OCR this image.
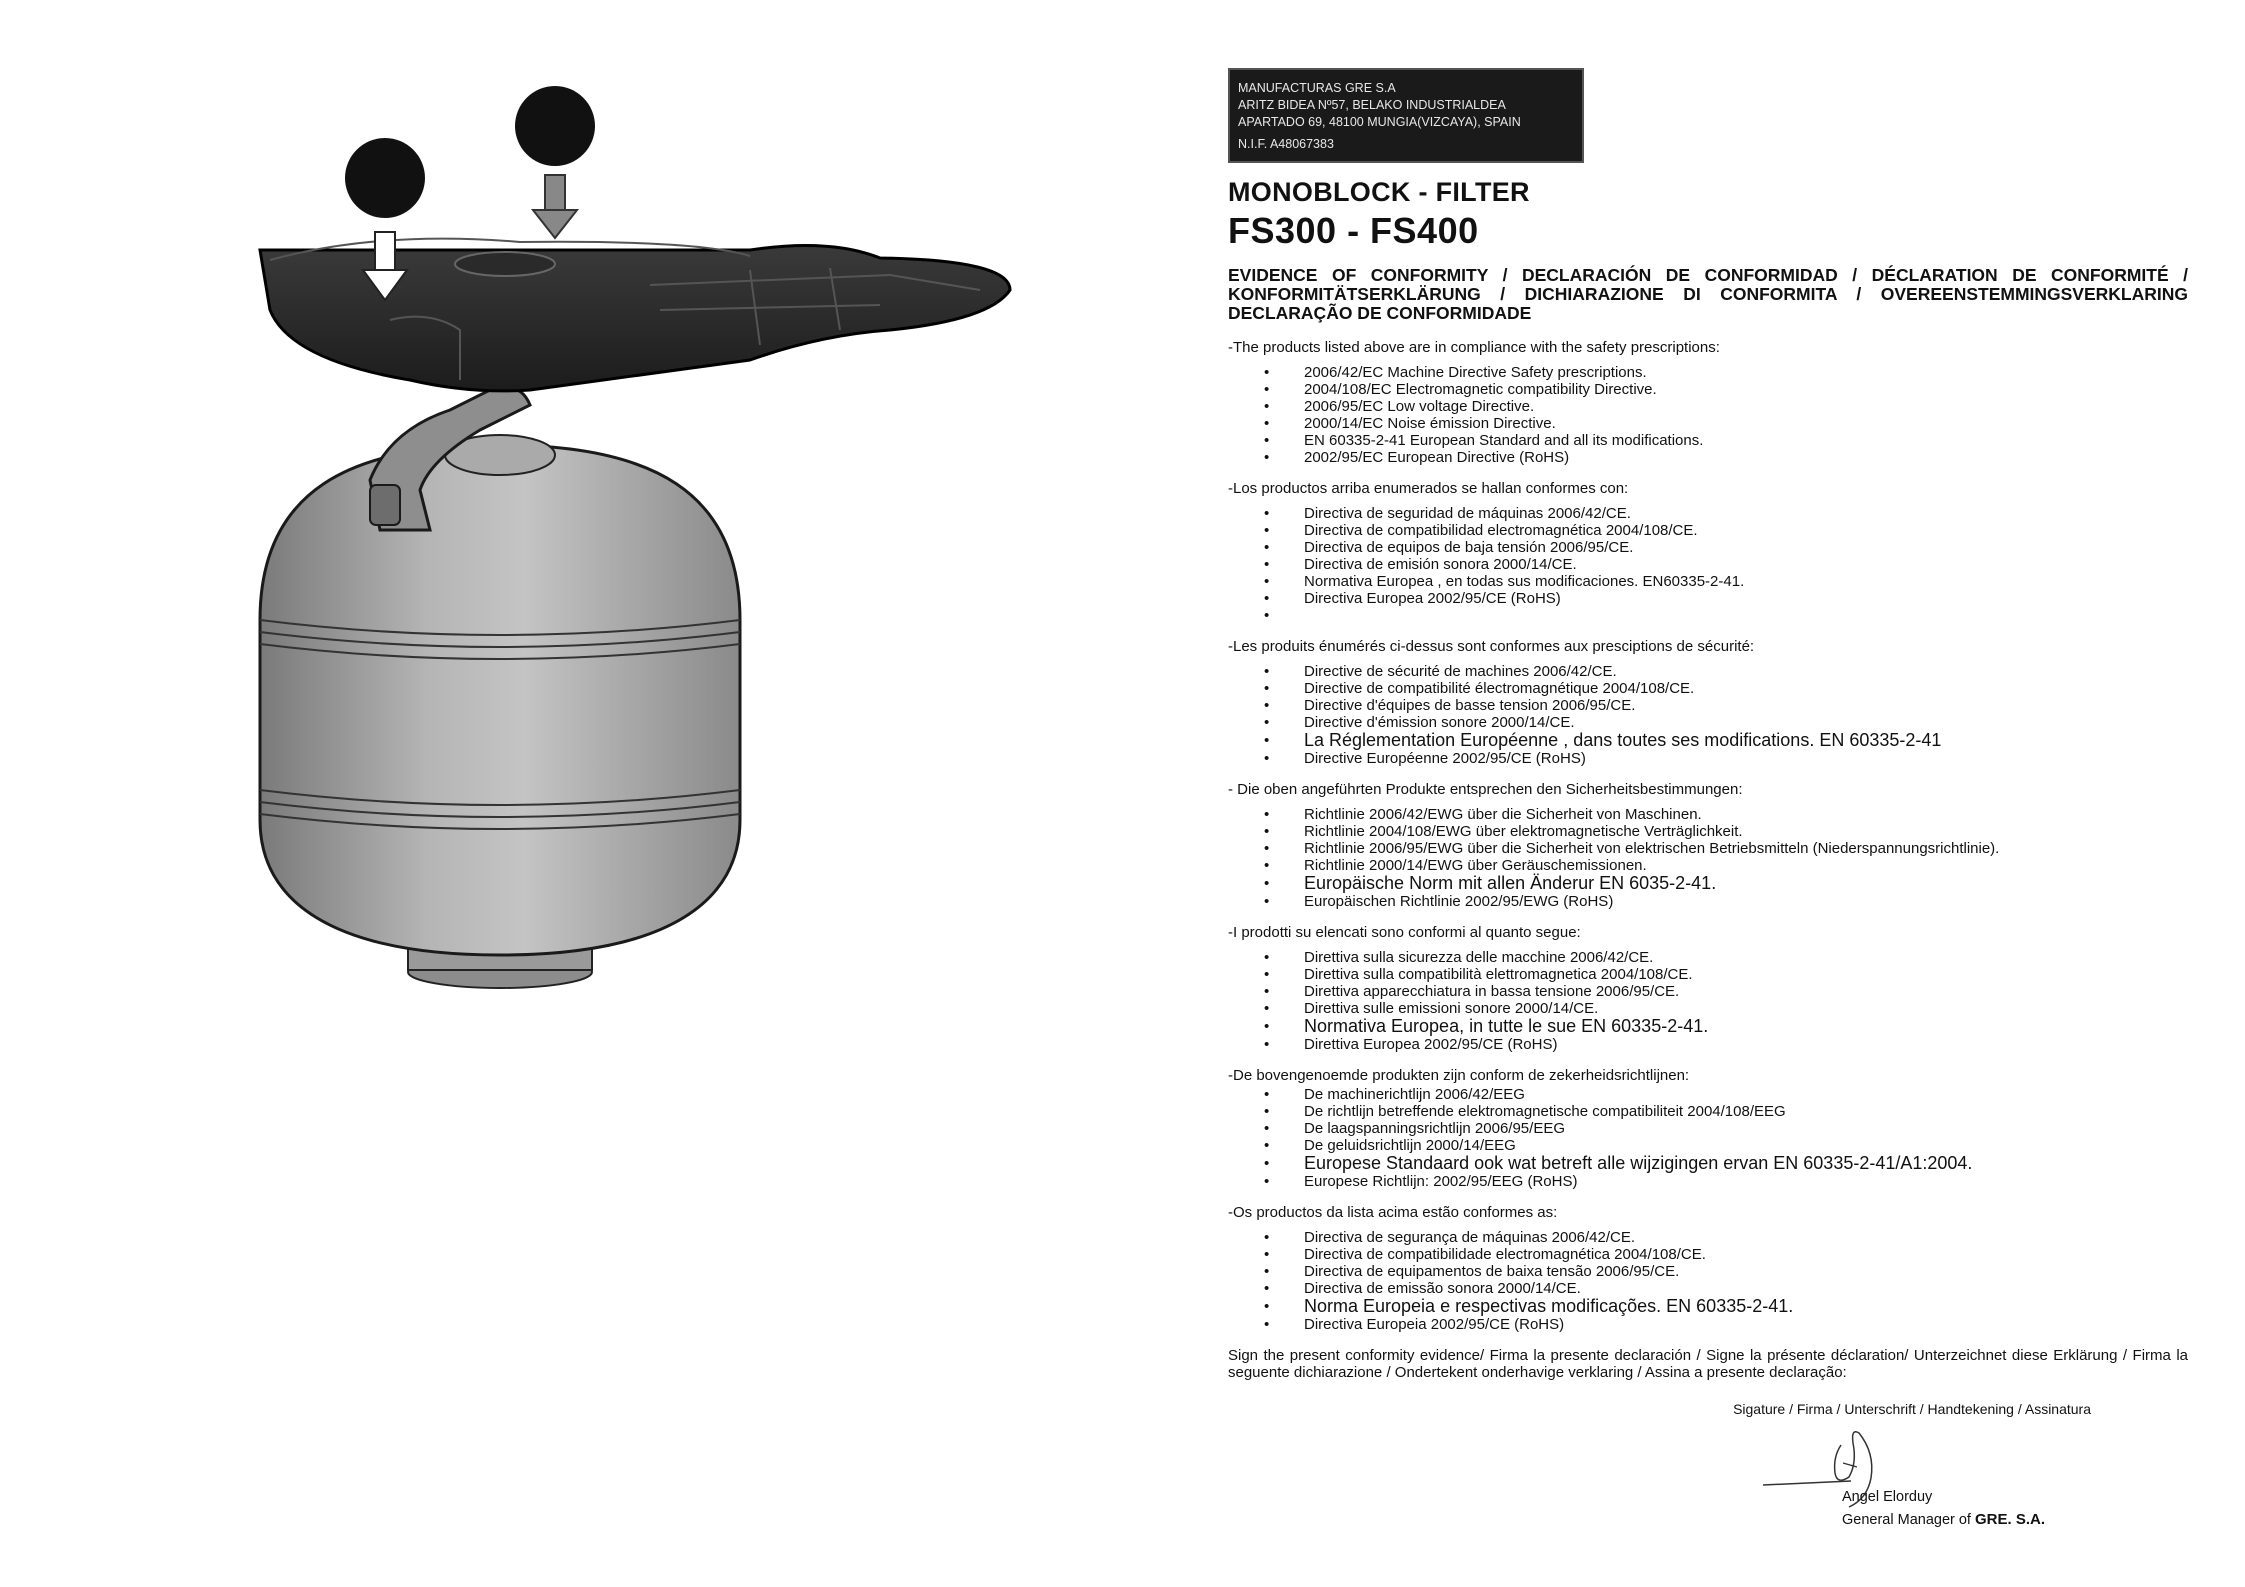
MANUFACTURAS GRE S.A
ARITZ BIDEA Nº57, BELAKO INDUSTRIALDEA
APARTADO 69, 48100 MUNGIA(VIZCAYA), SPAIN
N.I.F. A48067383
MONOBLOCK - FILTER
FS300 - FS400
EVIDENCE OF CONFORMITY / DECLARACIÓN DE CONFORMIDAD / DÉCLARATION DE CONFORMITÉ / KONFORMITÄTSERKLÄRUNG / DICHIARAZIONE DI CONFORMITA / OVEREENSTEMMINGSVERKLARING DECLARAÇÃO DE CONFORMIDADE
-The products listed above are in compliance with the safety prescriptions:
• 2006/42/EC Machine Directive Safety prescriptions.
• 2004/108/EC Electromagnetic compatibility Directive.
• 2006/95/EC Low voltage Directive.
• 2000/14/EC Noise émission Directive.
• EN 60335-2-41 European Standard and all its modifications.
• 2002/95/EC European Directive (RoHS)
-Los productos arriba enumerados se hallan conformes con:
• Directiva de seguridad de máquinas 2006/42/CE.
• Directiva de compatibilidad electromagnética 2004/108/CE.
• Directiva de equipos de baja tensión 2006/95/CE.
• Directiva de emisión sonora 2000/14/CE.
• Normativa Europea , en todas sus modificaciones. EN60335-2-41.
• Directiva Europea 2002/95/CE (RoHS)
•
-Les produits énumérés ci-dessus sont conformes aux presciptions de sécurité:
• Directive de sécurité de machines 2006/42/CE.
• Directive de compatibilité électromagnétique 2004/108/CE.
• Directive d'équipes de basse tension 2006/95/CE.
• Directive d'émission sonore 2000/14/CE.
• La Réglementation Européenne , dans toutes ses modifications. EN 60335-2-41
• Directive Européenne 2002/95/CE (RoHS)
- Die oben angeführten Produkte entsprechen den Sicherheitsbestimmungen:
• Richtlinie 2006/42/EWG über die Sicherheit von Maschinen.
• Richtlinie 2004/108/EWG über elektromagnetische Verträglichkeit.
• Richtlinie 2006/95/EWG über die Sicherheit von elektrischen Betriebsmitteln (Niederspannungsrichtlinie).
• Richtlinie 2000/14/EWG über Geräuschemissionen.
• Europäische Norm mit allen Änderur EN 6035-2-41.
• Europäischen Richtlinie 2002/95/EWG (RoHS)
-I prodotti su elencati sono conformi al quanto segue:
• Direttiva sulla sicurezza delle macchine 2006/42/CE.
• Direttiva sulla compatibilità elettromagnetica 2004/108/CE.
• Direttiva apparecchiatura in bassa tensione 2006/95/CE.
• Direttiva sulle emissioni sonore 2000/14/CE.
• Normativa Europea, in tutte le sue EN 60335-2-41.
• Direttiva Europea 2002/95/CE (RoHS)
-De bovengenoemde produkten zijn conform de zekerheidsrichtlijnen:
• De machinerichtlijn 2006/42/EEG
• De richtlijn betreffende elektromagnetische compatibiliteit 2004/108/EEG
• De laagspanningsrichtlijn 2006/95/EEG
• De geluidsrichtlijn 2000/14/EEG
• Europese Standaard ook wat betreft alle wijzigingen ervan EN 60335-2-41/A1:2004.
• Europese Richtlijn: 2002/95/EEG (RoHS)
-Os productos da lista acima estão conformes as:
• Directiva de segurança de máquinas 2006/42/CE.
• Directiva de compatibilidade electromagnética 2004/108/CE.
• Directiva de equipamentos de baixa tensão 2006/95/CE.
• Directiva de emissão sonora 2000/14/CE.
• Norma Europeia e respectivas modificações. EN 60335-2-41.
• Directiva Europeia 2002/95/CE (RoHS)
Sign the present conformity evidence/ Firma la presente declaración / Signe la présente déclaration/ Unterzeichnet diese Erklärung / Firma la seguente dichiarazione / Ondertekent onderhavige verklaring / Assina a presente declaração:
Sigature / Firma / Unterschrift / Handtekening / Assinatura
Angel Elorduy
General Manager of GRE. S.A.
